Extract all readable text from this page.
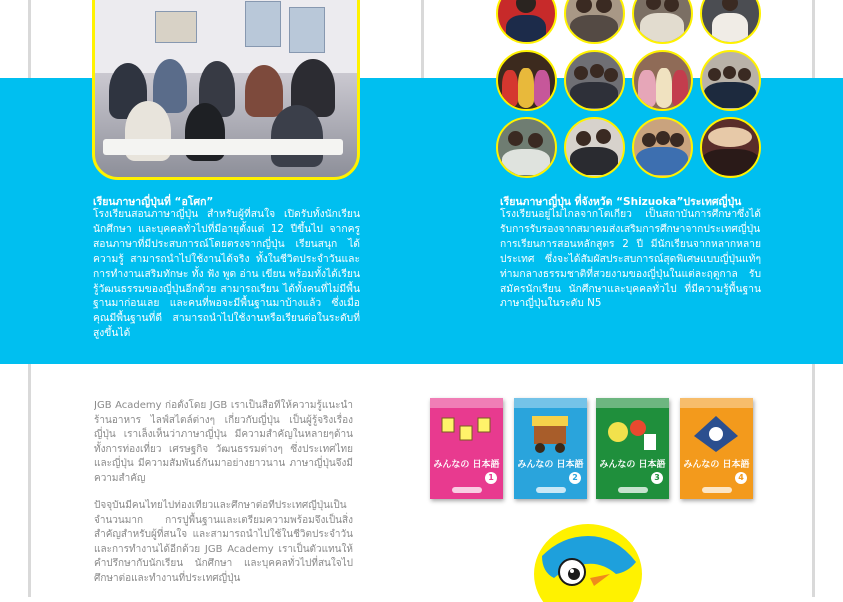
เรียนภาษาญี่ปุ่นที่ “อโศก”
โรงเรียนสอนภาษาญี่ปุ่น สำหรับผู้ที่สนใจ เปิดรับทั้งนักเรียน นักศึกษา และบุคคลทั่วไปที่มีอายุตั้งแต่ 12 ปีขึ้นไป จากครูสอนภาษาที่มีประสบการณ์โดยตรงจากญี่ปุ่น เรียนสนุก ได้ความรู้ สามารถนำไปใช้งานได้จริง ทั้งในชีวิตประจำวันและการทำงานเสริมทักษะ ทั้ง ฟัง พูด อ่าน เขียน พร้อมทั้งได้เรียนรู้วัฒนธรรมของญี่ปุ่นอีกด้วย สามารถเรียน ได้ทั้งคนที่ไม่มีพื้นฐานมาก่อนเลย และคนที่พอจะมีพื้นฐานมาบ้างแล้ว ซึ่งเมื่อคุณมีพื้นฐานที่ดี สามารถนำไปใช้งานหรือเรียนต่อในระดับที่สูงขึ้นได้
เรียนภาษาญี่ปุ่น ที่จังหวัด “Shizuoka”ประเทศญี่ปุ่น
โรงเรียนอยู่ไม่ไกลจากโตเกียว เป็นสถาบันการศึกษาซึ่งได้รับการรับรองจากสมาคมส่งเสริมการศึกษาจากประเทศญี่ปุ่น การเรียนการสอนหลักสูตร 2 ปี มีนักเรียนจากหลากหลายประเทศ ซึ่งจะได้สัมผัสประสบการณ์สุดพิเศษแบบญี่ปุ่นแท้ๆ ท่ามกลางธรรมชาติที่สวยงามของญี่ปุ่นในแต่ละฤดูกาล รับสมัครนักเรียน นักศึกษาและบุคคลทั่วไป ที่มีความรู้พื้นฐานภาษาญี่ปุ่นในระดับ N5
JGB Academy ก่อตั้งโดย JGB เราเป็นสื่อที่ให้ความรู้แนะนำร้านอาหาร ไลฟ์สไตล์ต่างๆ เกี่ยวกับญี่ปุ่น เป็นผู้รู้จริงเรื่องญี่ปุ่น เราเล็งเห็นว่าภาษาญี่ปุ่น มีความสำคัญในหลายๆด้าน ทั้งการท่องเที่ยว เศรษฐกิจ วัฒนธรรมต่างๆ ซึ่งประเทศไทยและญี่ปุ่น มีความสัมพันธ์กันมาอย่างยาวนาน ภาษาญี่ปุ่นจึงมีความสำคัญ
ปัจจุบันมีคนไทยไปท่องเที่ยวและศึกษาต่อที่ประเทศญี่ปุ่นเป็นจำนวนมาก การปูพื้นฐานและเตรียมความพร้อมจึงเป็นสิ่งสำคัญสำหรับผู้ที่สนใจ และสามารถนำไปใช้ในชีวิตประจำวันและการทำงานได้อีกด้วย JGB Academy เราเป็นตัวแทนให้คำปรึกษากับนักเรียน นักศึกษา และบุคคลทั่วไปที่สนใจไปศึกษาต่อและทำงานที่ประเทศญี่ปุ่น
みんなの 日本語
1
みんなの 日本語
2
みんなの 日本語
3
みんなの 日本語
4
